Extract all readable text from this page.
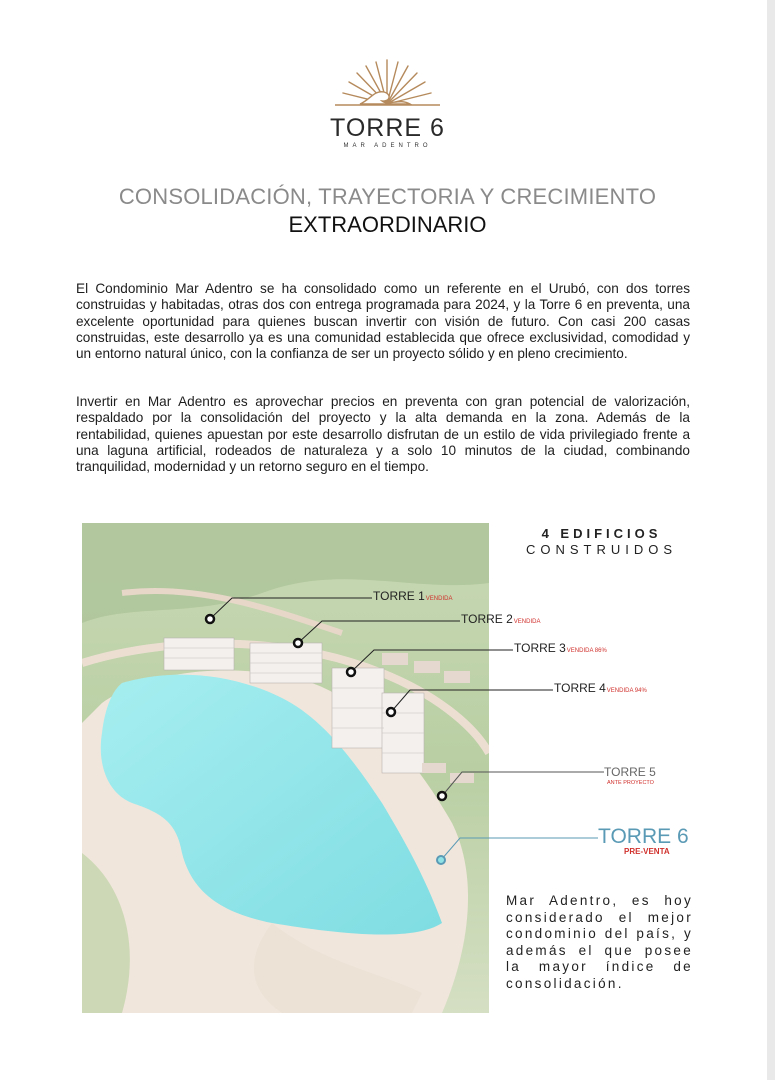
TORRE 6
MAR ADENTRO
CONSOLIDACIÓN, TRAYECTORIA Y CRECIMIENTO
EXTRAORDINARIO

El Condominio Mar Adentro se ha consolidado como un referente en el Urubó, con dos torres construidas y habitadas, otras dos con entrega programada para 2024, y la Torre 6 en preventa, una excelente oportunidad para quienes buscan invertir con visión de futuro. Con casi 200 casas construidas, este desarrollo ya es una comunidad establecida que ofrece exclusividad, comodidad y un entorno natural único, con la confianza de ser un proyecto sólido y en pleno crecimiento.

Invertir en Mar Adentro es aprovechar precios en preventa con gran potencial de valorización, respaldado por la consolidación del proyecto y la alta demanda en la zona. Además de la rentabilidad, quienes apuestan por este desarrollo disfrutan de un estilo de vida privilegiado frente a una laguna artificial, rodeados de naturaleza y a solo 10 minutos de la ciudad, combinando tranquilidad, modernidad y un retorno seguro en el tiempo.

4 EDIFICIOS
CONSTRUIDOS
TORRE 1VENDIDA
TORRE 2VENDIDA
TORRE 3VENDIDA 86%
TORRE 4VENDIDA 94%
TORRE 5
ANTE PROYECTO
TORRE 6
PRE-VENTA

Mar Adentro, es hoy considerado el mejor condominio del país, y además el que posee la mayor índice de consolidación.
